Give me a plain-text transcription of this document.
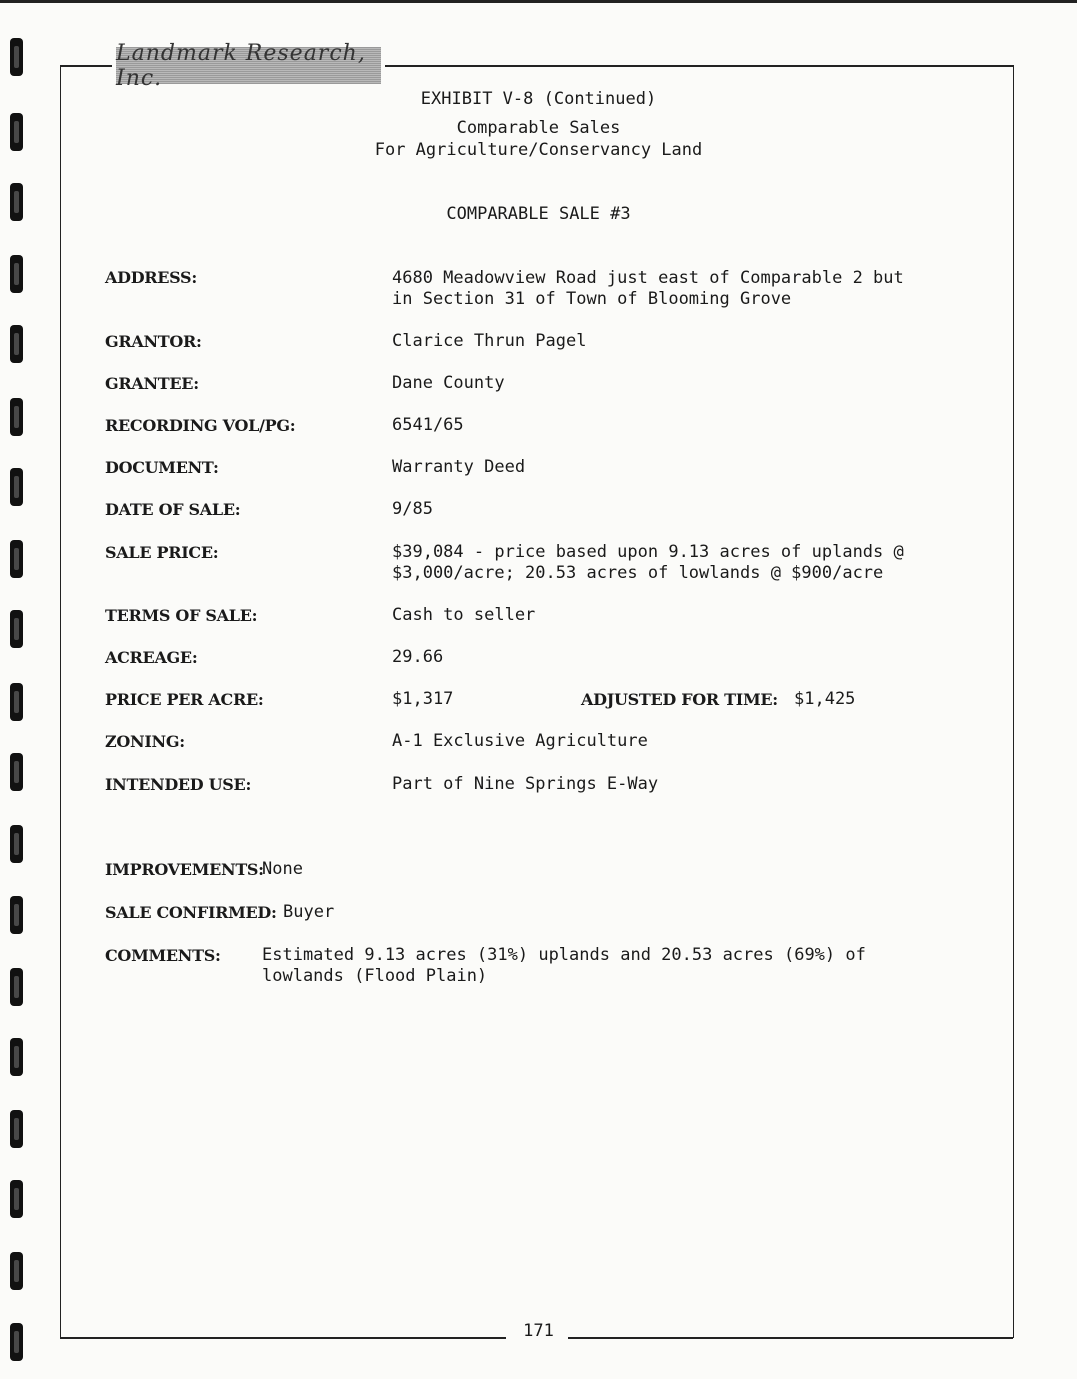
Landmark Research, Inc.
EXHIBIT V-8 (Continued)
Comparable Sales
For Agriculture/Conservancy Land
COMPARABLE SALE #3
ADDRESS:	4680 Meadowview Road just east of Comparable 2 but
in Section 31 of Town of Blooming Grove
GRANTOR:	Clarice Thrun Pagel
GRANTEE:	Dane County
RECORDING VOL/PG:	6541/65
DOCUMENT:	Warranty Deed
DATE OF SALE:	9/85
SALE PRICE:	$39,084 - price based upon 9.13 acres of uplands @
$3,000/acre; 20.53 acres of lowlands @ $900/acre
TERMS OF SALE:	Cash to seller
ACREAGE:	29.66
PRICE PER ACRE:	$1,317	ADJUSTED FOR TIME: $1,425
ZONING:	A-1 Exclusive Agriculture
INTENDED USE:	Part of Nine Springs E-Way
IMPROVEMENTS:
None
SALE CONFIRMED: Buyer
COMMENTS: Estimated 9.13 acres (31%) uplands and 20.53 acres (69%) of
lowlands (Flood Plain)
171
